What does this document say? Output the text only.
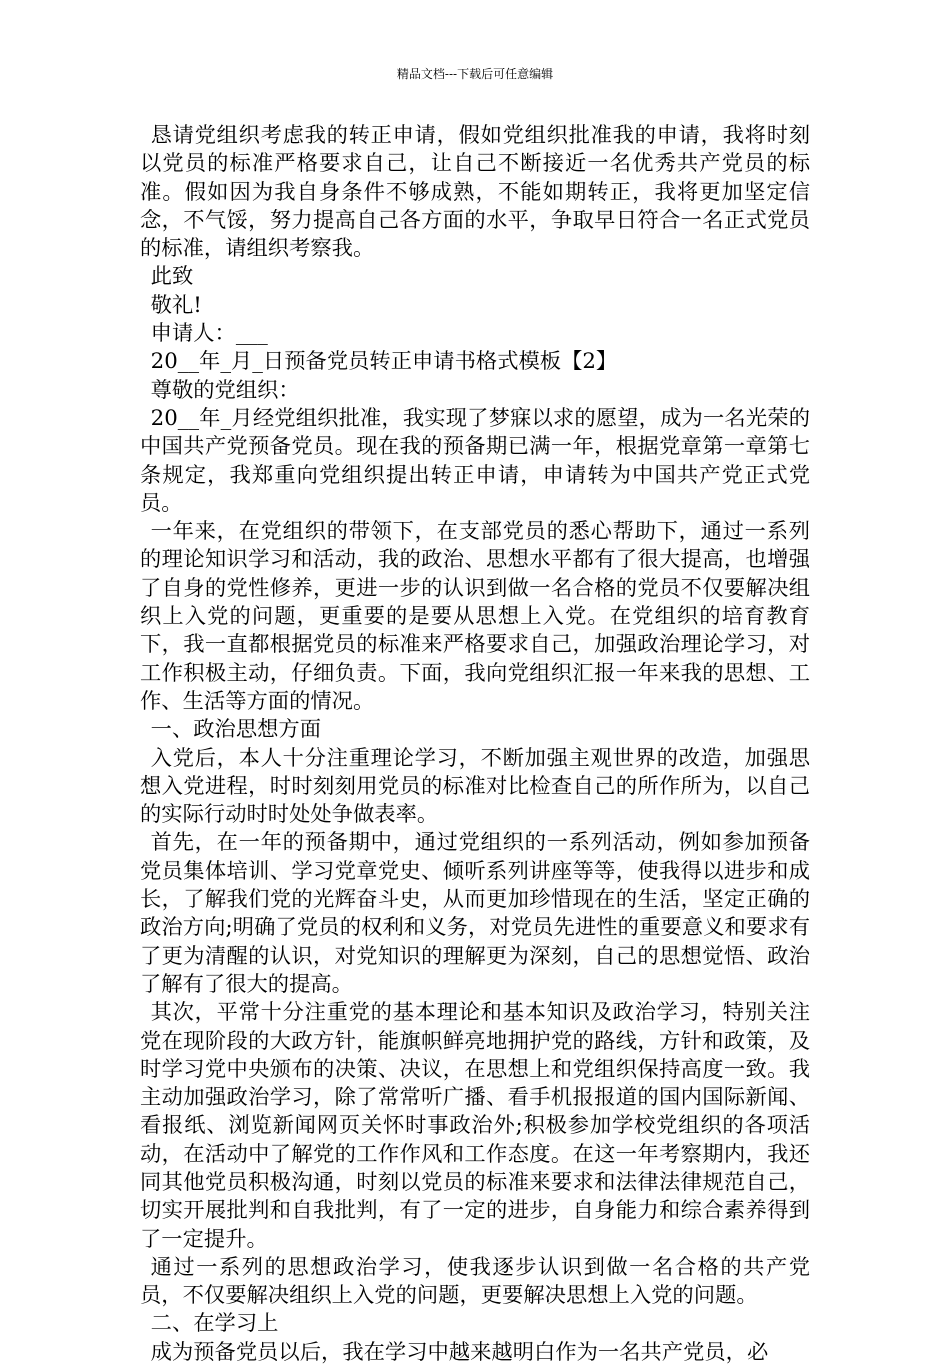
精品文档---下载后可任意编辑

恳请党组织考虑我的转正申请，假如党组织批准我的申请，我将时刻以党员的标准严格要求自己，让自己不断接近一名优秀共产党员的标准。假如因为我自身条件不够成熟，不能如期转正，我将更加坚定信念，不气馁，努力提高自己各方面的水平，争取早日符合一名正式党员的标准，请组织考察我。

此致

敬礼!

申请人：___

20__年_月_日预备党员转正申请书格式模板【2】

尊敬的党组织：

20__年_月经党组织批准，我实现了梦寐以求的愿望，成为一名光荣的中国共产党预备党员。现在我的预备期已满一年，根据党章第一章第七条规定，我郑重向党组织提出转正申请，申请转为中国共产党正式党员。

一年来，在党组织的带领下，在支部党员的悉心帮助下，通过一系列的理论知识学习和活动，我的政治、思想水平都有了很大提高，也增强了自身的党性修养，更进一步的认识到做一名合格的党员不仅要解决组织上入党的问题，更重要的是要从思想上入党。在党组织的培育教育下，我一直都根据党员的标准来严格要求自己，加强政治理论学习，对工作积极主动，仔细负责。下面，我向党组织汇报一年来我的思想、工作、生活等方面的情况。

一、政治思想方面

入党后，本人十分注重理论学习，不断加强主观世界的改造，加强思想入党进程，时时刻刻用党员的标准对比检查自己的所作所为，以自己的实际行动时时处处争做表率。

首先，在一年的预备期中，通过党组织的一系列活动，例如参加预备党员集体培训、学习党章党史、倾听系列讲座等等，使我得以进步和成长，了解我们党的光辉奋斗史，从而更加珍惜现在的生活，坚定正确的政治方向;明确了党员的权利和义务，对党员先进性的重要意义和要求有了更为清醒的认识，对党知识的理解更为深刻，自己的思想觉悟、政治了解有了很大的提高。

其次，平常十分注重党的基本理论和基本知识及政治学习，特别关注党在现阶段的大政方针，能旗帜鲜亮地拥护党的路线，方针和政策，及时学习党中央颁布的决策、决议，在思想上和党组织保持高度一致。我主动加强政治学习，除了常常听广播、看手机报报道的国内国际新闻、看报纸、浏览新闻网页关怀时事政治外;积极参加学校党组织的各项活动，在活动中了解党的工作作风和工作态度。在这一年考察期内，我还同其他党员积极沟通，时刻以党员的标准来要求和法律法律规范自己，切实开展批判和自我批判，有了一定的进步，自身能力和综合素养得到了一定提升。

通过一系列的思想政治学习，使我逐步认识到做一名合格的共产党员，不仅要解决组织上入党的问题，更要解决思想上入党的问题。

二、在学习上

成为预备党员以后，我在学习中越来越明白作为一名共产党员，必
